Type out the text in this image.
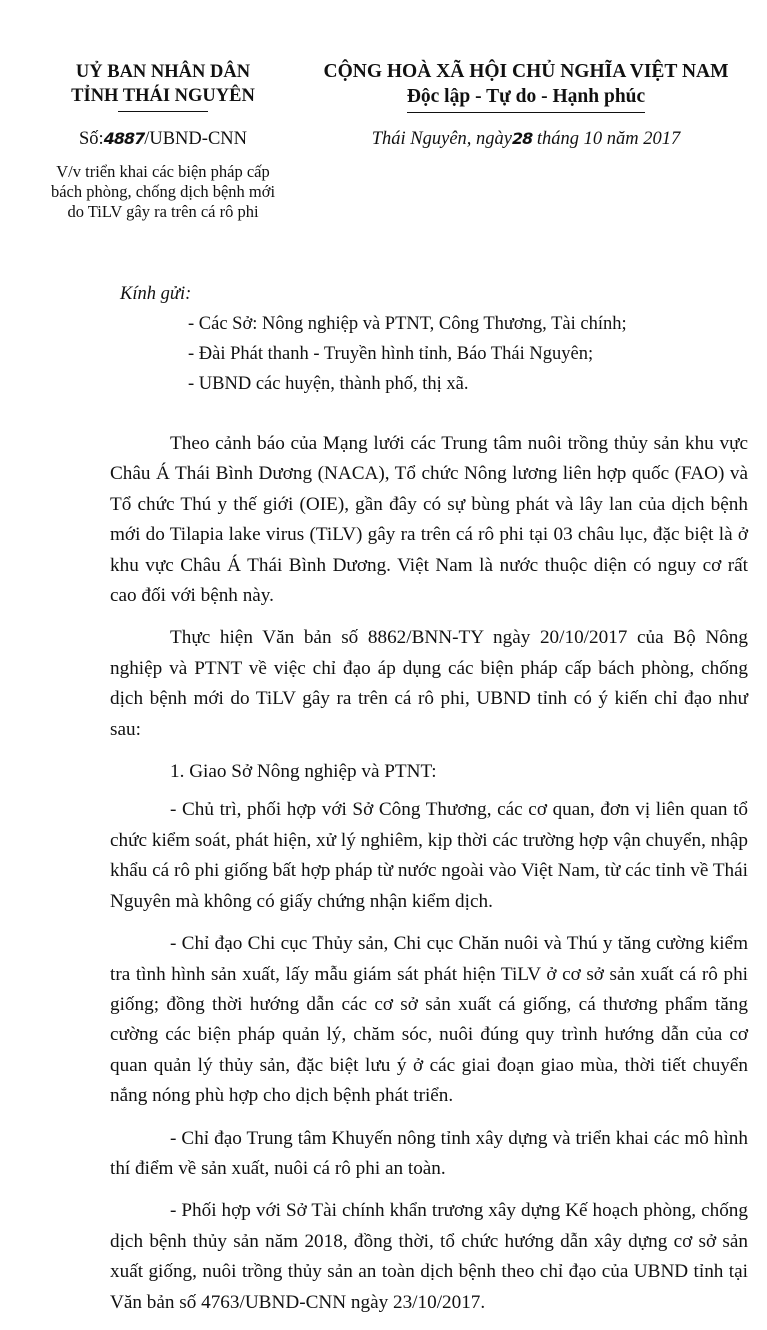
UỶ BAN NHÂN DÂN
TỈNH THÁI NGUYÊN
Số:4887/UBND-CNN
V/v triển khai các biện pháp cấp
bách phòng, chống dịch bệnh mới
do TiLV gây ra trên cá rô phi
CỘNG HOÀ XÃ HỘI CHỦ NGHĨA VIỆT NAM
Độc lập - Tự do - Hạnh phúc
Thái Nguyên, ngày28 tháng 10 năm 2017
Kính gửi:
- Các Sở: Nông nghiệp và PTNT, Công Thương, Tài chính;
- Đài Phát thanh - Truyền hình tỉnh, Báo Thái Nguyên;
- UBND các huyện, thành phố, thị xã.

Theo cảnh báo của Mạng lưới các Trung tâm nuôi trồng thủy sản khu vực Châu Á Thái Bình Dương (NACA), Tổ chức Nông lương liên hợp quốc (FAO) và Tổ chức Thú y thế giới (OIE), gần đây có sự bùng phát và lây lan của dịch bệnh mới do Tilapia lake virus (TiLV) gây ra trên cá rô phi tại 03 châu lục, đặc biệt là ở khu vực Châu Á Thái Bình Dương. Việt Nam là nước thuộc diện có nguy cơ rất cao đối với bệnh này.

Thực hiện Văn bản số 8862/BNN-TY ngày 20/10/2017 của Bộ Nông nghiệp và PTNT về việc chỉ đạo áp dụng các biện pháp cấp bách phòng, chống dịch bệnh mới do TiLV gây ra trên cá rô phi, UBND tỉnh có ý kiến chỉ đạo như sau:

1. Giao Sở Nông nghiệp và PTNT:

- Chủ trì, phối hợp với Sở Công Thương, các cơ quan, đơn vị liên quan tổ chức kiểm soát, phát hiện, xử lý nghiêm, kịp thời các trường hợp vận chuyển, nhập khẩu cá rô phi giống bất hợp pháp từ nước ngoài vào Việt Nam, từ các tỉnh về Thái Nguyên mà không có giấy chứng nhận kiểm dịch.

- Chỉ đạo Chi cục Thủy sản, Chi cục Chăn nuôi và Thú y tăng cường kiểm tra tình hình sản xuất, lấy mẫu giám sát phát hiện TiLV ở cơ sở sản xuất cá rô phi giống; đồng thời hướng dẫn các cơ sở sản xuất cá giống, cá thương phẩm tăng cường các biện pháp quản lý, chăm sóc, nuôi đúng quy trình hướng dẫn của cơ quan quản lý thủy sản, đặc biệt lưu ý ở các giai đoạn giao mùa, thời tiết chuyển nắng nóng phù hợp cho dịch bệnh phát triển.

- Chỉ đạo Trung tâm Khuyến nông tỉnh xây dựng và triển khai các mô hình thí điểm về sản xuất, nuôi cá rô phi an toàn.

- Phối hợp với Sở Tài chính khẩn trương xây dựng Kế hoạch phòng, chống dịch bệnh thủy sản năm 2018, đồng thời, tổ chức hướng dẫn xây dựng cơ sở sản xuất giống, nuôi trồng thủy sản an toàn dịch bệnh theo chỉ đạo của UBND tỉnh tại Văn bản số 4763/UBND-CNN ngày 23/10/2017.
